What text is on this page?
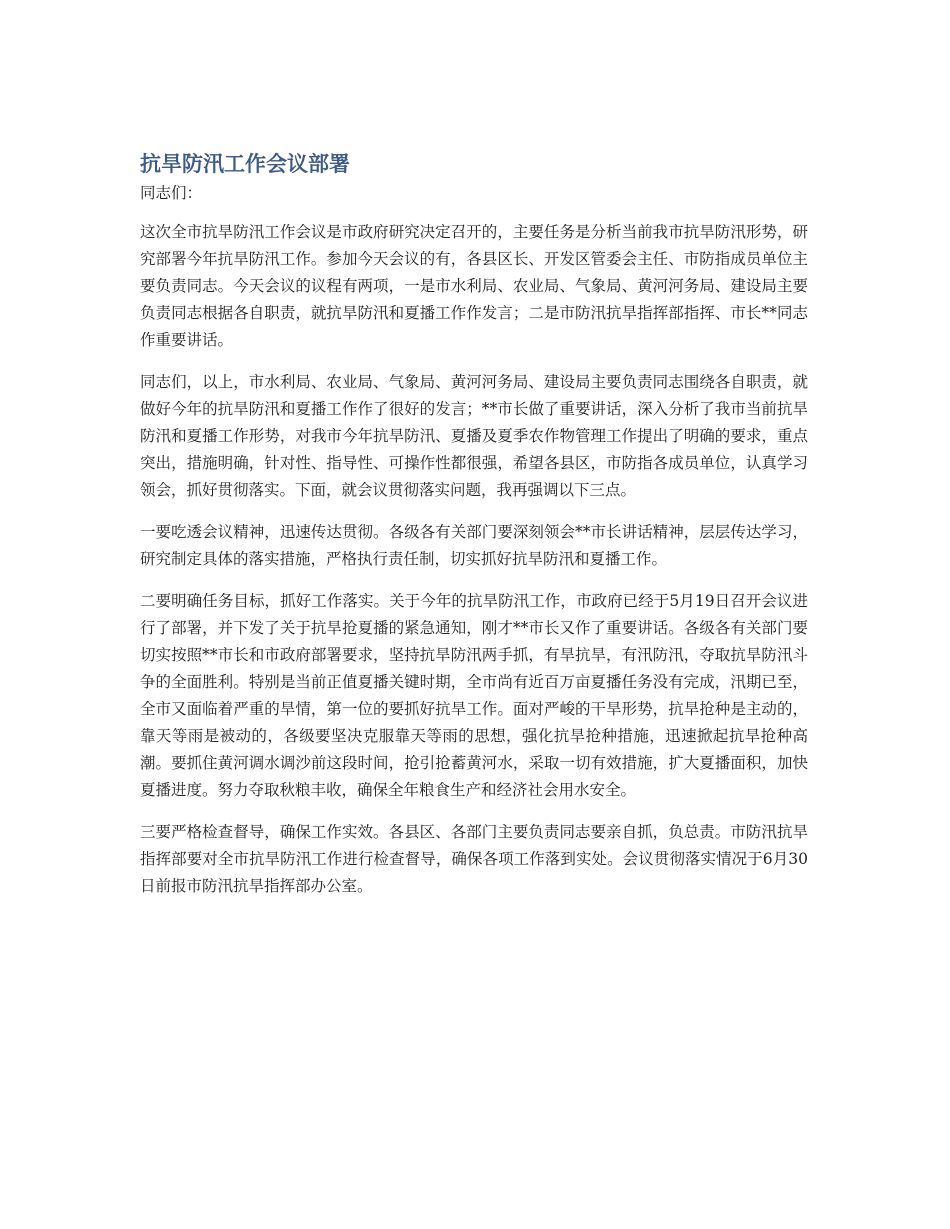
抗旱防汛工作会议部署

同志们：

这次全市抗旱防汛工作会议是市政府研究决定召开的，主要任务是分析当前我市抗旱防汛形势，研究部署今年抗旱防汛工作。参加今天会议的有，各县区长、开发区管委会主任、市防指成员单位主要负责同志。今天会议的议程有两项，一是市水利局、农业局、气象局、黄河河务局、建设局主要负责同志根据各自职责，就抗旱防汛和夏播工作作发言；二是市防汛抗旱指挥部指挥、市长**同志作重要讲话。

同志们，以上，市水利局、农业局、气象局、黄河河务局、建设局主要负责同志围绕各自职责，就做好今年的抗旱防汛和夏播工作作了很好的发言；**市长做了重要讲话，深入分析了我市当前抗旱防汛和夏播工作形势，对我市今年抗旱防汛、夏播及夏季农作物管理工作提出了明确的要求，重点突出，措施明确，针对性、指导性、可操作性都很强，希望各县区，市防指各成员单位，认真学习领会，抓好贯彻落实。下面，就会议贯彻落实问题，我再强调以下三点。

一要吃透会议精神，迅速传达贯彻。各级各有关部门要深刻领会**市长讲话精神，层层传达学习，研究制定具体的落实措施，严格执行责任制，切实抓好抗旱防汛和夏播工作。

二要明确任务目标，抓好工作落实。关于今年的抗旱防汛工作，市政府已经于5月19日召开会议进行了部署，并下发了关于抗旱抢夏播的紧急通知，刚才**市长又作了重要讲话。各级各有关部门要切实按照**市长和市政府部署要求，坚持抗旱防汛两手抓，有旱抗旱，有汛防汛，夺取抗旱防汛斗争的全面胜利。特别是当前正值夏播关键时期，全市尚有近百万亩夏播任务没有完成，汛期已至，全市又面临着严重的旱情，第一位的要抓好抗旱工作。面对严峻的干旱形势，抗旱抢种是主动的，靠天等雨是被动的，各级要坚决克服靠天等雨的思想，强化抗旱抢种措施，迅速掀起抗旱抢种高潮。要抓住黄河调水调沙前这段时间，抢引抢蓄黄河水，采取一切有效措施，扩大夏播面积，加快夏播进度。努力夺取秋粮丰收，确保全年粮食生产和经济社会用水安全。

三要严格检查督导，确保工作实效。各县区、各部门主要负责同志要亲自抓，负总责。市防汛抗旱指挥部要对全市抗旱防汛工作进行检查督导，确保各项工作落到实处。会议贯彻落实情况于6月30日前报市防汛抗旱指挥部办公室。
